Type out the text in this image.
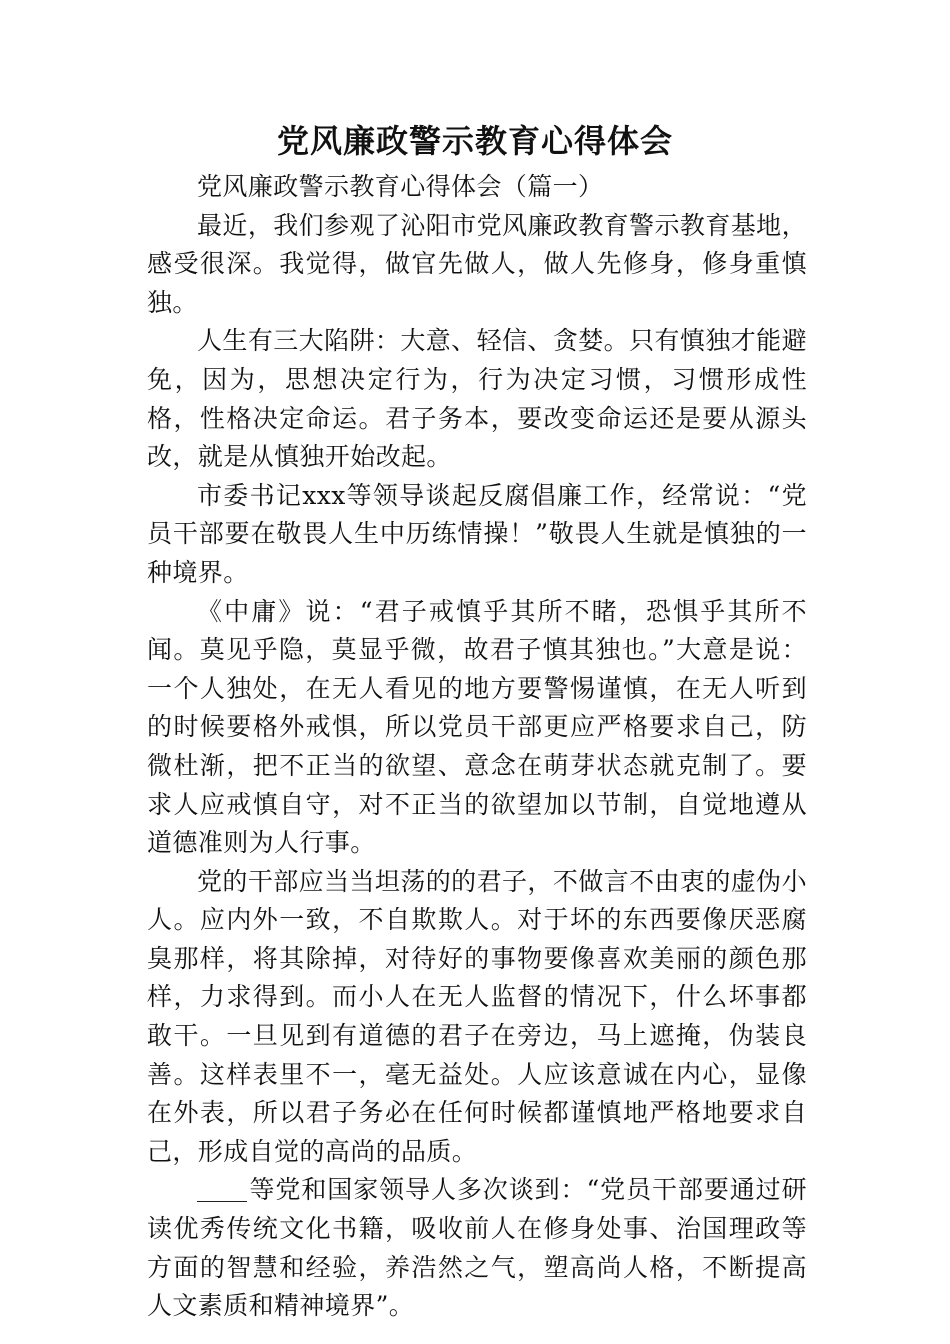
党风廉政警示教育心得体会

党风廉政警示教育心得体会（篇一）

最近，我们参观了沁阳市党风廉政教育警示教育基地，感受很深。我觉得，做官先做人，做人先修身，修身重慎独。

人生有三大陷阱：大意、轻信、贪婪。只有慎独才能避免，因为，思想决定行为，行为决定习惯，习惯形成性格，性格决定命运。君子务本，要改变命运还是要从源头改，就是从慎独开始改起。

市委书记xxx等领导谈起反腐倡廉工作，经常说：“党员干部要在敬畏人生中历练情操！”敬畏人生就是慎独的一种境界。

《中庸》说：“君子戒慎乎其所不睹，恐惧乎其所不闻。莫见乎隐，莫显乎微，故君子慎其独也。”大意是说：一个人独处，在无人看见的地方要警惕谨慎，在无人听到的时候要格外戒惧，所以党员干部更应严格要求自己，防微杜渐，把不正当的欲望、意念在萌芽状态就克制了。要求人应戒慎自守，对不正当的欲望加以节制，自觉地遵从道德准则为人行事。

党的干部应当当坦荡的的君子，不做言不由衷的虚伪小人。应内外一致，不自欺欺人。对于坏的东西要像厌恶腐臭那样，将其除掉，对待好的事物要像喜欢美丽的颜色那样，力求得到。而小人在无人监督的情况下，什么坏事都敢干。一旦见到有道德的君子在旁边，马上遮掩，伪装良善。这样表里不一，毫无益处。人应该意诚在内心，显像在外表，所以君子务必在任何时候都谨慎地严格地要求自己，形成自觉的高尚的品质。

等党和国家领导人多次谈到：“党员干部要通过研读优秀传统文化书籍，吸收前人在修身处事、治国理政等方面的智慧和经验，养浩然之气，塑高尚人格，不断提高人文素质和精神境界”。
